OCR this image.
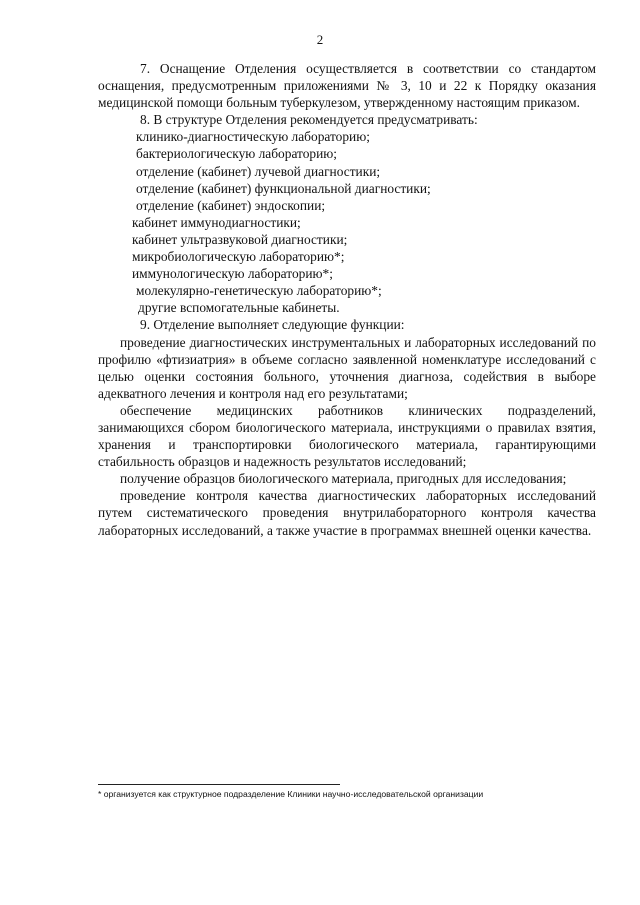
2

7. Оснащение Отделения осуществляется в соответствии со стандартом оснащения, предусмотренным приложениями № 3, 10 и 22 к Порядку оказания медицинской помощи больным туберкулезом, утвержденному настоящим приказом.

8. В структуре Отделения рекомендуется предусматривать:

клинико-диагностическую лабораторию;

бактериологическую лабораторию;

отделение (кабинет) лучевой диагностики;

отделение (кабинет) функциональной диагностики;

отделение (кабинет) эндоскопии;

кабинет иммунодиагностики;

кабинет ультразвуковой диагностики;

микробиологическую лабораторию*;

иммунологическую лабораторию*;

молекулярно-генетическую лабораторию*;

другие вспомогательные кабинеты.

9. Отделение выполняет следующие функции:

проведение диагностических инструментальных и лабораторных исследований по профилю «фтизиатрия» в объеме согласно заявленной номенклатуре исследований с целью оценки состояния больного, уточнения диагноза, содействия в выборе адекватного лечения и контроля над его результатами;

обеспечение медицинских работников клинических подразделений, занимающихся сбором биологического материала, инструкциями о правилах взятия, хранения и транспортировки биологического материала, гарантирующими стабильность образцов и надежность результатов исследований;

получение образцов биологического материала, пригодных для исследования;

проведение контроля качества диагностических лабораторных исследований путем систематического проведения внутрилабораторного контроля качества лабораторных исследований, а также участие в программах внешней оценки качества.

* организуется как структурное подразделение Клиники научно-исследовательской организации
